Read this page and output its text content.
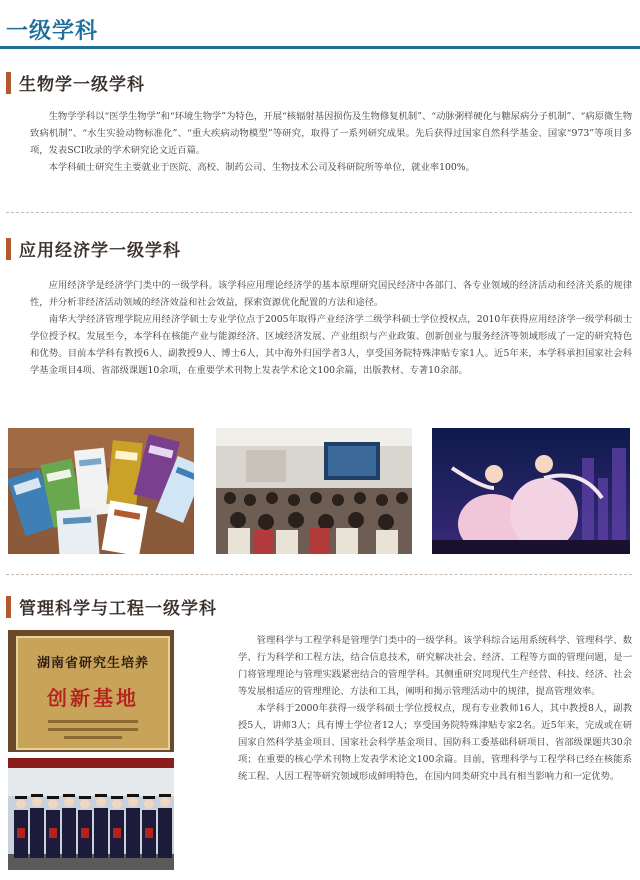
一级学科
生物学一级学科

生物学学科以“医学生物学”和“环境生物学”为特色，开展“核辐射基因损伤及生物修复机制”、“动脉粥样硬化与糖尿病分子机制”、“病原微生物致病机制”、“水生实验动物标准化”、“重大疾病动物模型”等研究，取得了一系列研究成果。先后获得过国家自然科学基金、国家“973”等项目多项，发表SCI收录的学术研究论文近百篇。

本学科硕士研究生主要就业于医院、高校、制药公司、生物技术公司及科研院所等单位，就业率100%。

应用经济学一级学科

应用经济学是经济学门类中的一级学科。该学科应用理论经济学的基本原理研究国民经济中各部门、各专业领域的经济活动和经济关系的规律性，并分析非经济活动领域的经济效益和社会效益，探索资源优化配置的方法和途径。

南华大学经济管理学院应用经济学硕士专业学位点于2005年取得产业经济学二级学科硕士学位授权点，2010年获得应用经济学一级学科硕士学位授予权。发展至今，本学科在核能产业与能源经济、区域经济发展、产业组织与产业政策、创新创业与服务经济等领域形成了一定的研究特色和优势。目前本学科有教授6人、副教授9人、博士6人，其中海外归国学者3人，享受国务院特殊津贴专家1人。近5年来，本学科承担国家社会科学基金项目4项、省部级课题10余项，在重要学术刊物上发表学术论文100余篇，出版教材、专著10余部。

管理科学与工程一级学科
湖南省研究生培养
创新基地

管理科学与工程学科是管理学门类中的一级学科。该学科综合运用系统科学、管理科学、数学、行为科学和工程方法，结合信息技术，研究解决社会、经济、工程等方面的管理问题，是一门将管理理论与管理实践紧密结合的管理学科。其侧重研究同现代生产经营、科技、经济、社会等发展相适应的管理理论、方法和工具，阐明和揭示管理活动中的规律，提高管理效率。

本学科于2000年获得一级学科硕士学位授权点，现有专业教师16人，其中教授8人，副教授5人，讲师3人；具有博士学位者12人；享受国务院特殊津贴专家2名。近5年来，完成或在研国家自然科学基金项目、国家社会科学基金项目、国防科工委基础科研项目、省部级课题共30余项；在重要的核心学术刊物上发表学术论文100余篇。目前，管理科学与工程学科已经在核能系统工程、人因工程等研究领域形成鲜明特色，在国内同类研究中具有相当影响力和一定优势。
